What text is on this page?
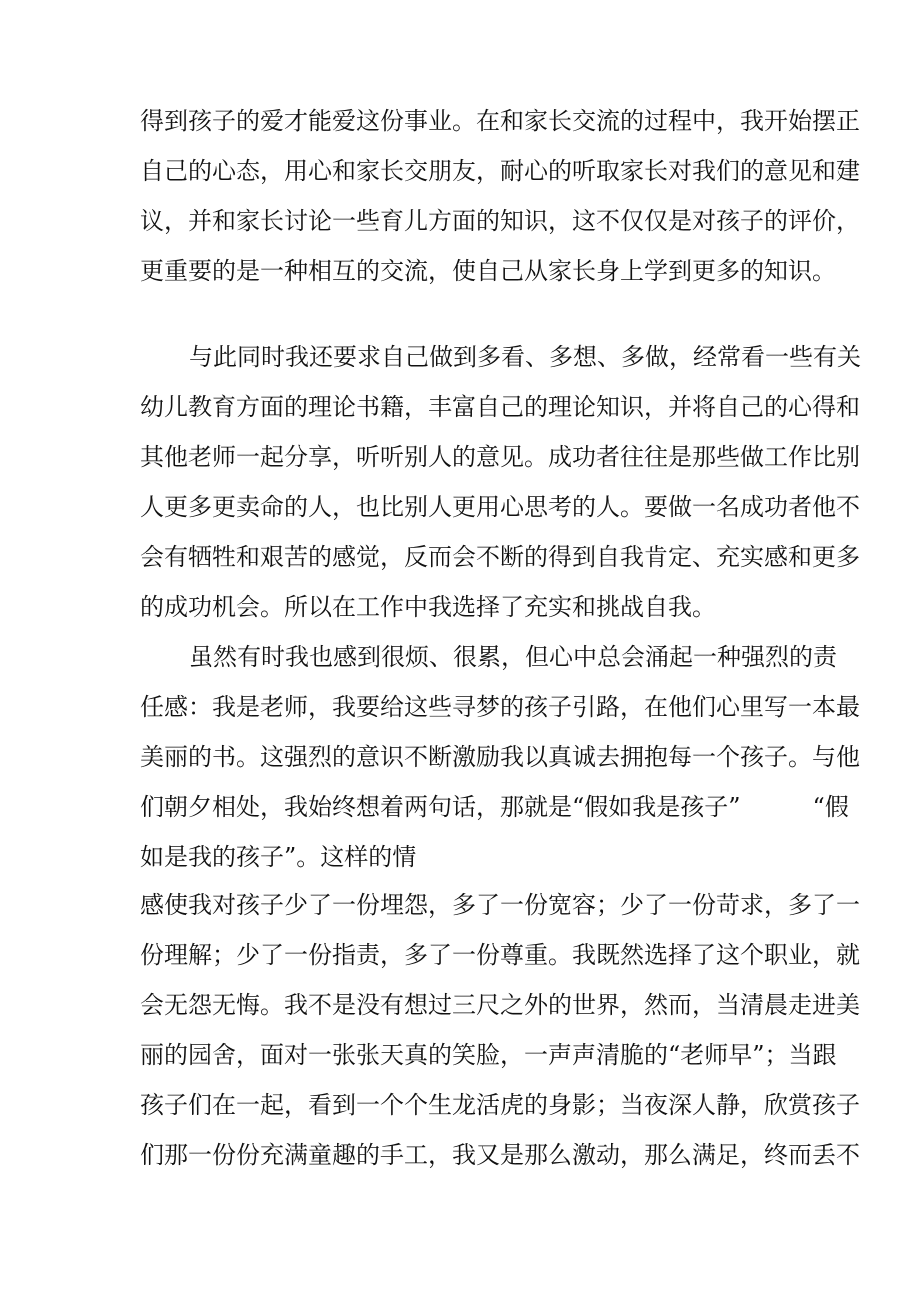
得到孩子的爱才能爱这份事业。在和家长交流的过程中，我开始摆正
自己的心态，用心和家长交朋友，耐心的听取家长对我们的意见和建
议，并和家长讨论一些育儿方面的知识，这不仅仅是对孩子的评价，
更重要的是一种相互的交流，使自己从家长身上学到更多的知识。
与此同时我还要求自己做到多看、多想、多做，经常看一些有关
幼儿教育方面的理论书籍，丰富自己的理论知识，并将自己的心得和
其他老师一起分享，听听别人的意见。成功者往往是那些做工作比别
人更多更卖命的人，也比别人更用心思考的人。要做一名成功者他不
会有牺牲和艰苦的感觉，反而会不断的得到自我肯定、充实感和更多
的成功机会。所以在工作中我选择了充实和挑战自我。
虽然有时我也感到很烦、很累，但心中总会涌起一种强烈的责
任感：我是老师，我要给这些寻梦的孩子引路，在他们心里写一本最
美丽的书。这强烈的意识不断激励我以真诚去拥抱每一个孩子。与他
们朝夕相处，我始终想着两句话，那就是“假如我是孩子”	“假
如是我的孩子”。这样的情
感使我对孩子少了一份埋怨，多了一份宽容；少了一份苛求，多了一
份理解；少了一份指责，多了一份尊重。我既然选择了这个职业，就
会无怨无悔。我不是没有想过三尺之外的世界，然而，当清晨走进美
丽的园舍，面对一张张天真的笑脸，一声声清脆的“老师早”；当跟
孩子们在一起，看到一个个生龙活虎的身影；当夜深人静，欣赏孩子
们那一份份充满童趣的手工，我又是那么激动，那么满足，终而丢不
